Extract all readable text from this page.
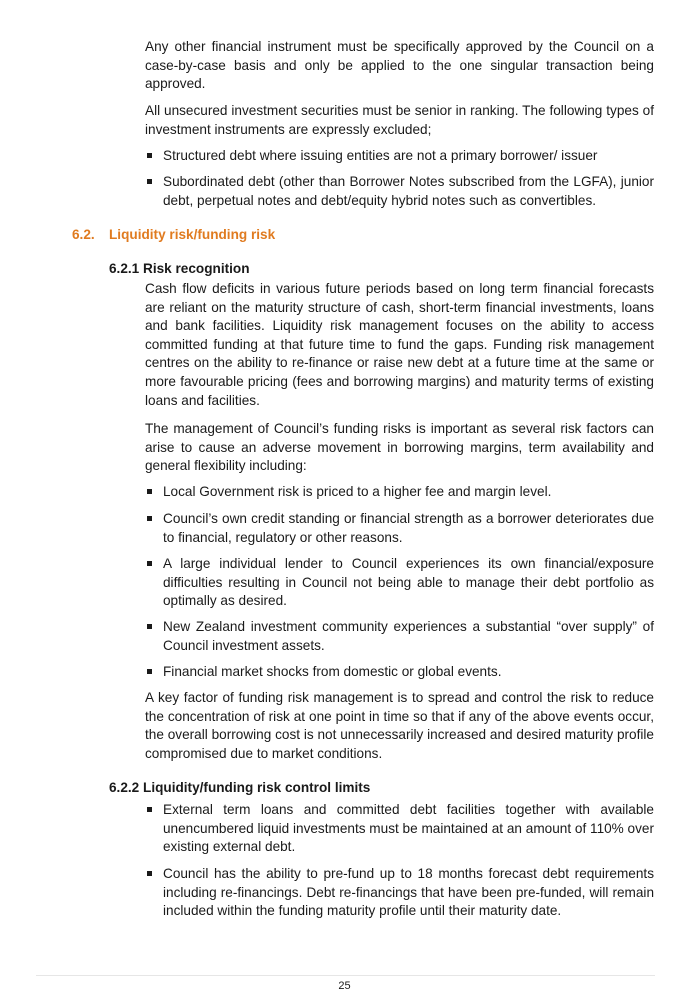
Any other financial instrument must be specifically approved by the Council on a case-by-case basis and only be applied to the one singular transaction being approved.

All unsecured investment securities must be senior in ranking. The following types of investment instruments are expressly excluded;

Structured debt where issuing entities are not a primary borrower/ issuer

Subordinated debt (other than Borrower Notes subscribed from the LGFA), junior debt, perpetual notes and debt/equity hybrid notes such as convertibles.

6.2. Liquidity risk/funding risk
6.2.1 Risk recognition

Cash flow deficits in various future periods based on long term financial forecasts are reliant on the maturity structure of cash, short-term financial investments, loans and bank facilities. Liquidity risk management focuses on the ability to access committed funding at that future time to fund the gaps. Funding risk management centres on the ability to re-finance or raise new debt at a future time at the same or more favourable pricing (fees and borrowing margins) and maturity terms of existing loans and facilities.

The management of Council’s funding risks is important as several risk factors can arise to cause an adverse movement in borrowing margins, term availability and general flexibility including:

Local Government risk is priced to a higher fee and margin level.

Council’s own credit standing or financial strength as a borrower deteriorates due to financial, regulatory or other reasons.

A large individual lender to Council experiences its own financial/exposure difficulties resulting in Council not being able to manage their debt portfolio as optimally as desired.

New Zealand investment community experiences a substantial “over supply” of Council investment assets.

Financial market shocks from domestic or global events.

A key factor of funding risk management is to spread and control the risk to reduce the concentration of risk at one point in time so that if any of the above events occur, the overall borrowing cost is not unnecessarily increased and desired maturity profile compromised due to market conditions.

6.2.2 Liquidity/funding risk control limits

External term loans and committed debt facilities together with available unencumbered liquid investments must be maintained at an amount of 110% over existing external debt.

Council has the ability to pre-fund up to 18 months forecast debt requirements including re-financings. Debt re-financings that have been pre-funded, will remain included within the funding maturity profile until their maturity date.

25
